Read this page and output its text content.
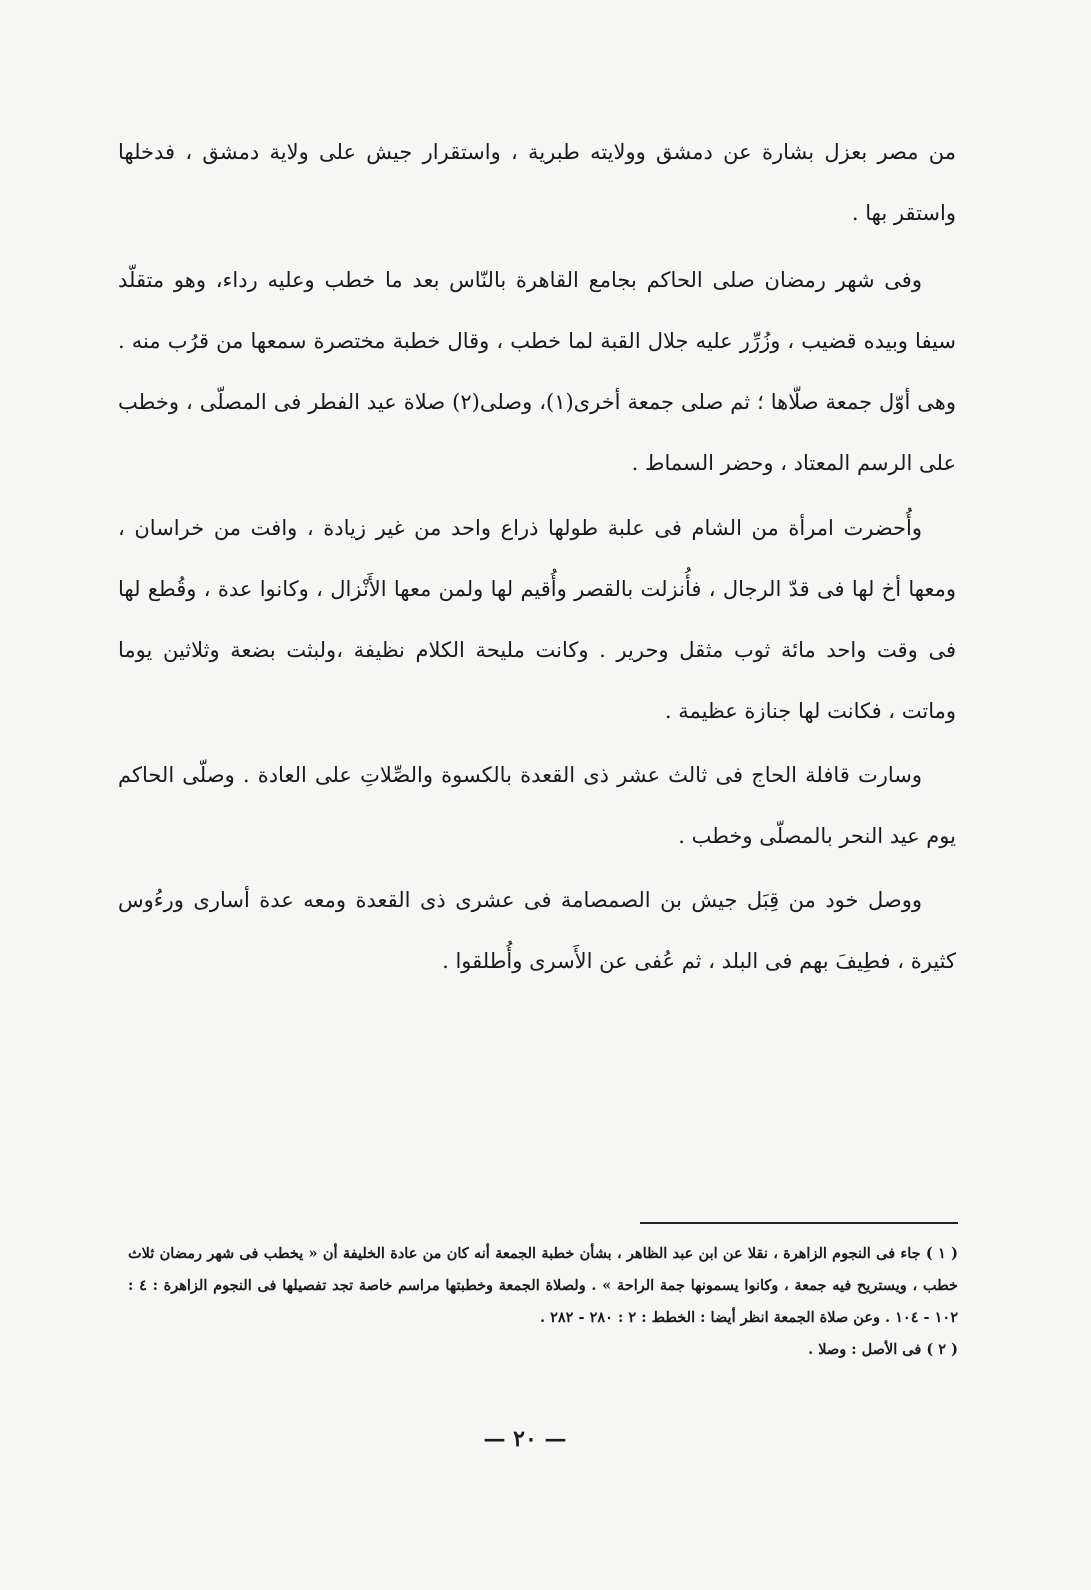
من مصر بعزل بشارة عن دمشق وولايته طبرية ، واستقرار جيش على ولاية دمشق ، فدخلها واستقر بها .

وفى شهر رمضان صلى الحاكم بجامع القاهرة بالنّاس بعد ما خطب وعليه رداء، وهو متقلّد سيفا وبيده قضيب ، وزُرِّر عليه جلال القبة لما خطب ، وقال خطبة مختصرة سمعها من قرُب منه . وهى أوّل جمعة صلّاها ؛ ثم صلى جمعة أخرى(١)، وصلى(٢) صلاة عيد الفطر فى المصلّى ، وخطب على الرسم المعتاد ، وحضر السماط .

وأُحضرت امرأة من الشام فى علبة طولها ذراع واحد من غير زيادة ، وافت من خراسان ، ومعها أخ لها فى قدّ الرجال ، فأُنزلت بالقصر وأُقيم لها ولمن معها الأَنْزال ، وكانوا عدة ، وقُطع لها فى وقت واحد مائة ثوب مثقل وحرير . وكانت مليحة الكلام نظيفة ،ولبثت بضعة وثلاثين يوما وماتت ، فكانت لها جنازة عظيمة .

وسارت قافلة الحاج فى ثالث عشر ذى القعدة بالكسوة والصِّلاتِ على العادة . وصلّى الحاكم يوم عيد النحر بالمصلّى وخطب .

ووصل خود من قِبَل جيش بن الصمصامة فى عشرى ذى القعدة ومعه عدة أسارى ورءُوس كثيرة ، فطِيفَ بهم فى البلد ، ثم عُفى عن الأَسرى وأُطلقوا .

( ١ ) جاء فى النجوم الزاهرة ، نقلا عن ابن عبد الظاهر ، بشأن خطبة الجمعة أنه كان من عادة الخليفة أن « يخطب فى شهر رمضان ثلاث خطب ، ويستريح فيه جمعة ، وكانوا يسمونها جمة الراحة » . ولصلاة الجمعة وخطبتها مراسم خاصة تجد تفصيلها فى النجوم الزاهرة : ٤ : ١٠٢ - ١٠٤ . وعن صلاة الجمعة انظر أيضا : الخطط : ٢ : ٢٨٠ - ٢٨٢ .

( ٢ ) فى الأصل : وصلا .

— ٢٠ —
